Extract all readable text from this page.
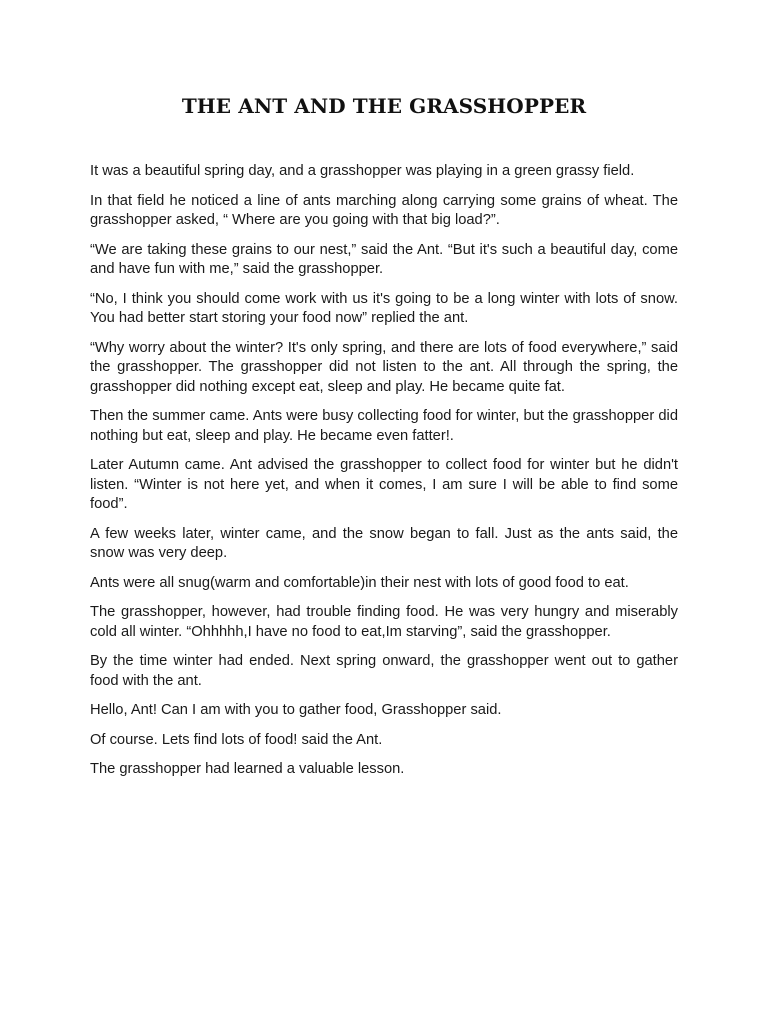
THE ANT AND THE GRASSHOPPER

It was a beautiful spring day, and a grasshopper was playing in a green grassy field.

In that field he noticed a line of ants marching along carrying some grains of wheat. The grasshopper asked, “ Where are you going with that big load?”.

“We are taking these grains to our nest,” said the Ant. “But it's such a beautiful day, come and have fun with me,” said the grasshopper.

“No, I think you should come work with us it's going to be a long winter with lots of snow. You had better start storing your food now” replied the ant.

“Why worry about the winter? It's only spring, and there are lots of food everywhere,” said the grasshopper. The grasshopper did not listen to the ant. All through the spring, the grasshopper did nothing except eat, sleep and play. He became quite fat.

Then the summer came. Ants were busy collecting food for winter, but the grasshopper did nothing but eat, sleep and play. He became even fatter!.

Later Autumn came. Ant advised the grasshopper to collect food for winter but he didn't listen. “Winter is not here yet, and when it comes, I am sure I will be able to find some food”.

A few weeks later, winter came, and the snow began to fall. Just as the ants said, the snow was very deep.

Ants were all snug(warm and comfortable)in their nest with lots of good food to eat.

The grasshopper, however, had trouble finding food. He was very hungry and miserably cold all winter. “Ohhhhh,I have no food to eat,Im starving”, said the grasshopper.

By the time winter had ended. Next spring onward, the grasshopper went out to gather food with the ant.

Hello, Ant! Can I am with you to gather food, Grasshopper said.

Of course. Lets find lots of food! said the Ant.

The grasshopper had learned a valuable lesson.
